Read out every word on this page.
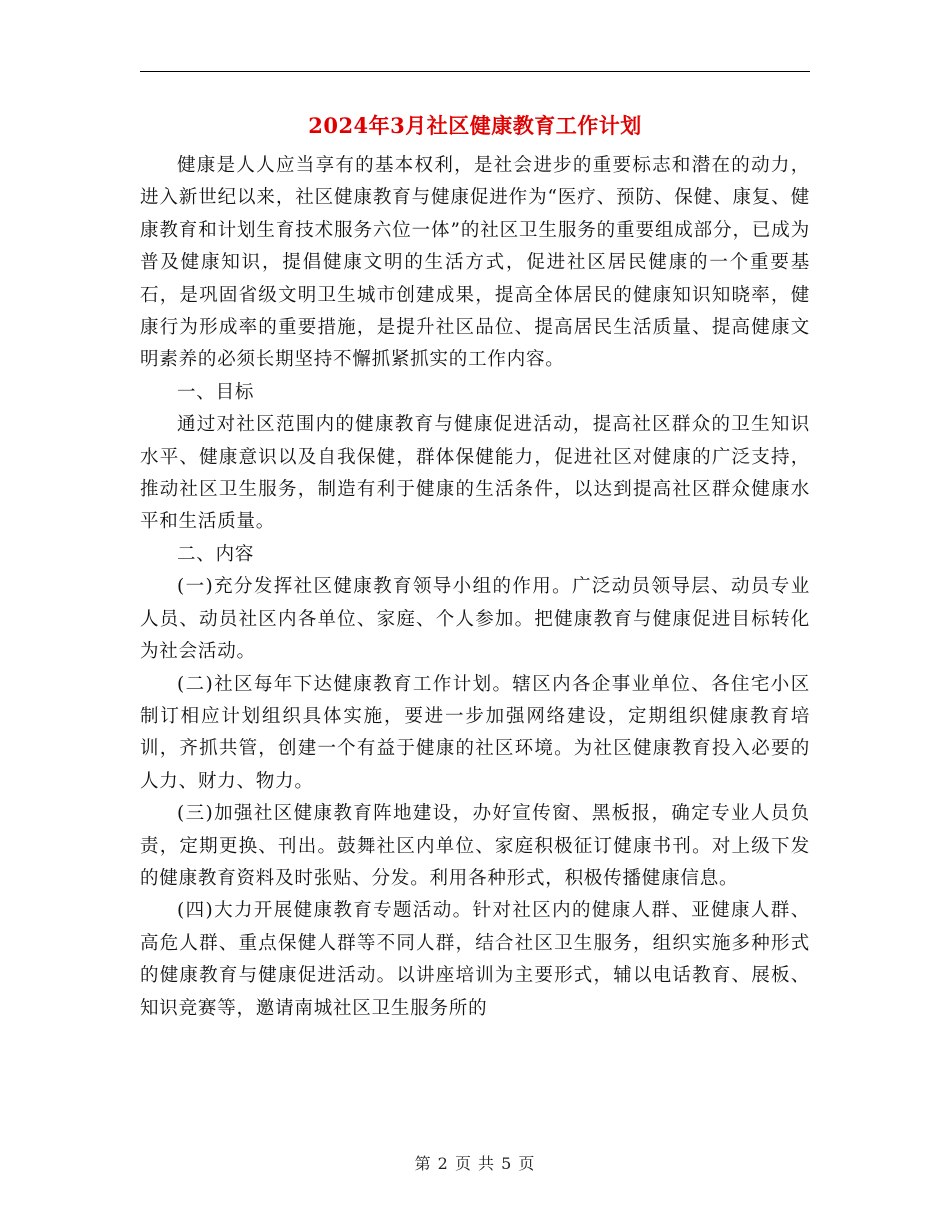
2024年3月社区健康教育工作计划

健康是人人应当享有的基本权利，是社会进步的重要标志和潜在的动力，进入新世纪以来，社区健康教育与健康促进作为“医疗、预防、保健、康复、健康教育和计划生育技术服务六位一体”的社区卫生服务的重要组成部分，已成为普及健康知识，提倡健康文明的生活方式，促进社区居民健康的一个重要基石，是巩固省级文明卫生城市创建成果，提高全体居民的健康知识知晓率，健康行为形成率的重要措施，是提升社区品位、提高居民生活质量、提高健康文明素养的必须长期坚持不懈抓紧抓实的工作内容。

一、目标

通过对社区范围内的健康教育与健康促进活动，提高社区群众的卫生知识水平、健康意识以及自我保健，群体保健能力，促进社区对健康的广泛支持，推动社区卫生服务，制造有利于健康的生活条件，以达到提高社区群众健康水平和生活质量。

二、内容

(一)充分发挥社区健康教育领导小组的作用。广泛动员领导层、动员专业人员、动员社区内各单位、家庭、个人参加。把健康教育与健康促进目标转化为社会活动。

(二)社区每年下达健康教育工作计划。辖区内各企事业单位、各住宅小区制订相应计划组织具体实施，要进一步加强网络建设，定期组织健康教育培训，齐抓共管，创建一个有益于健康的社区环境。为社区健康教育投入必要的人力、财力、物力。

(三)加强社区健康教育阵地建设，办好宣传窗、黑板报，确定专业人员负责，定期更换、刊出。鼓舞社区内单位、家庭积极征订健康书刊。对上级下发的健康教育资料及时张贴、分发。利用各种形式，积极传播健康信息。

(四)大力开展健康教育专题活动。针对社区内的健康人群、亚健康人群、高危人群、重点保健人群等不同人群，结合社区卫生服务，组织实施多种形式的健康教育与健康促进活动。以讲座培训为主要形式，辅以电话教育、展板、知识竞赛等，邀请南城社区卫生服务所的

第 2 页 共 5 页
